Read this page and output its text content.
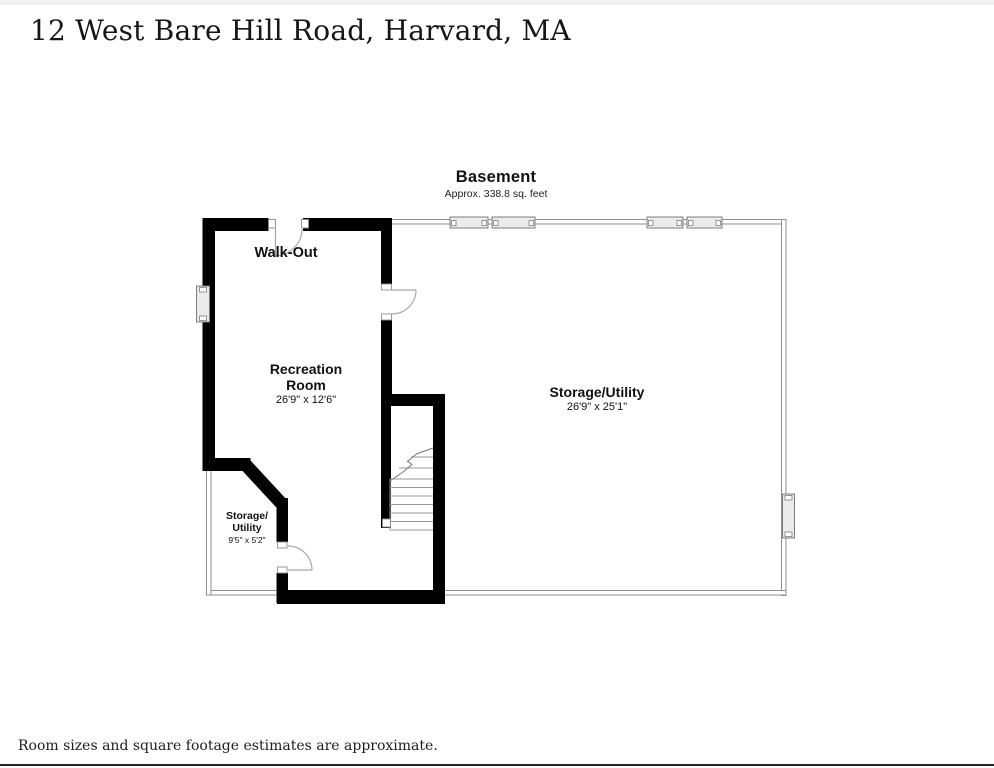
12 West Bare Hill Road, Harvard, MA
Basement
Approx. 338.8 sq. feet
Walk-Out
Recreation
Room
26'9" x 12'6"	Storage/Utility
26'9" x 25'1"
Storage/
Utility
9'5" x 5'2"
Room sizes and square footage estimates are approximate.
